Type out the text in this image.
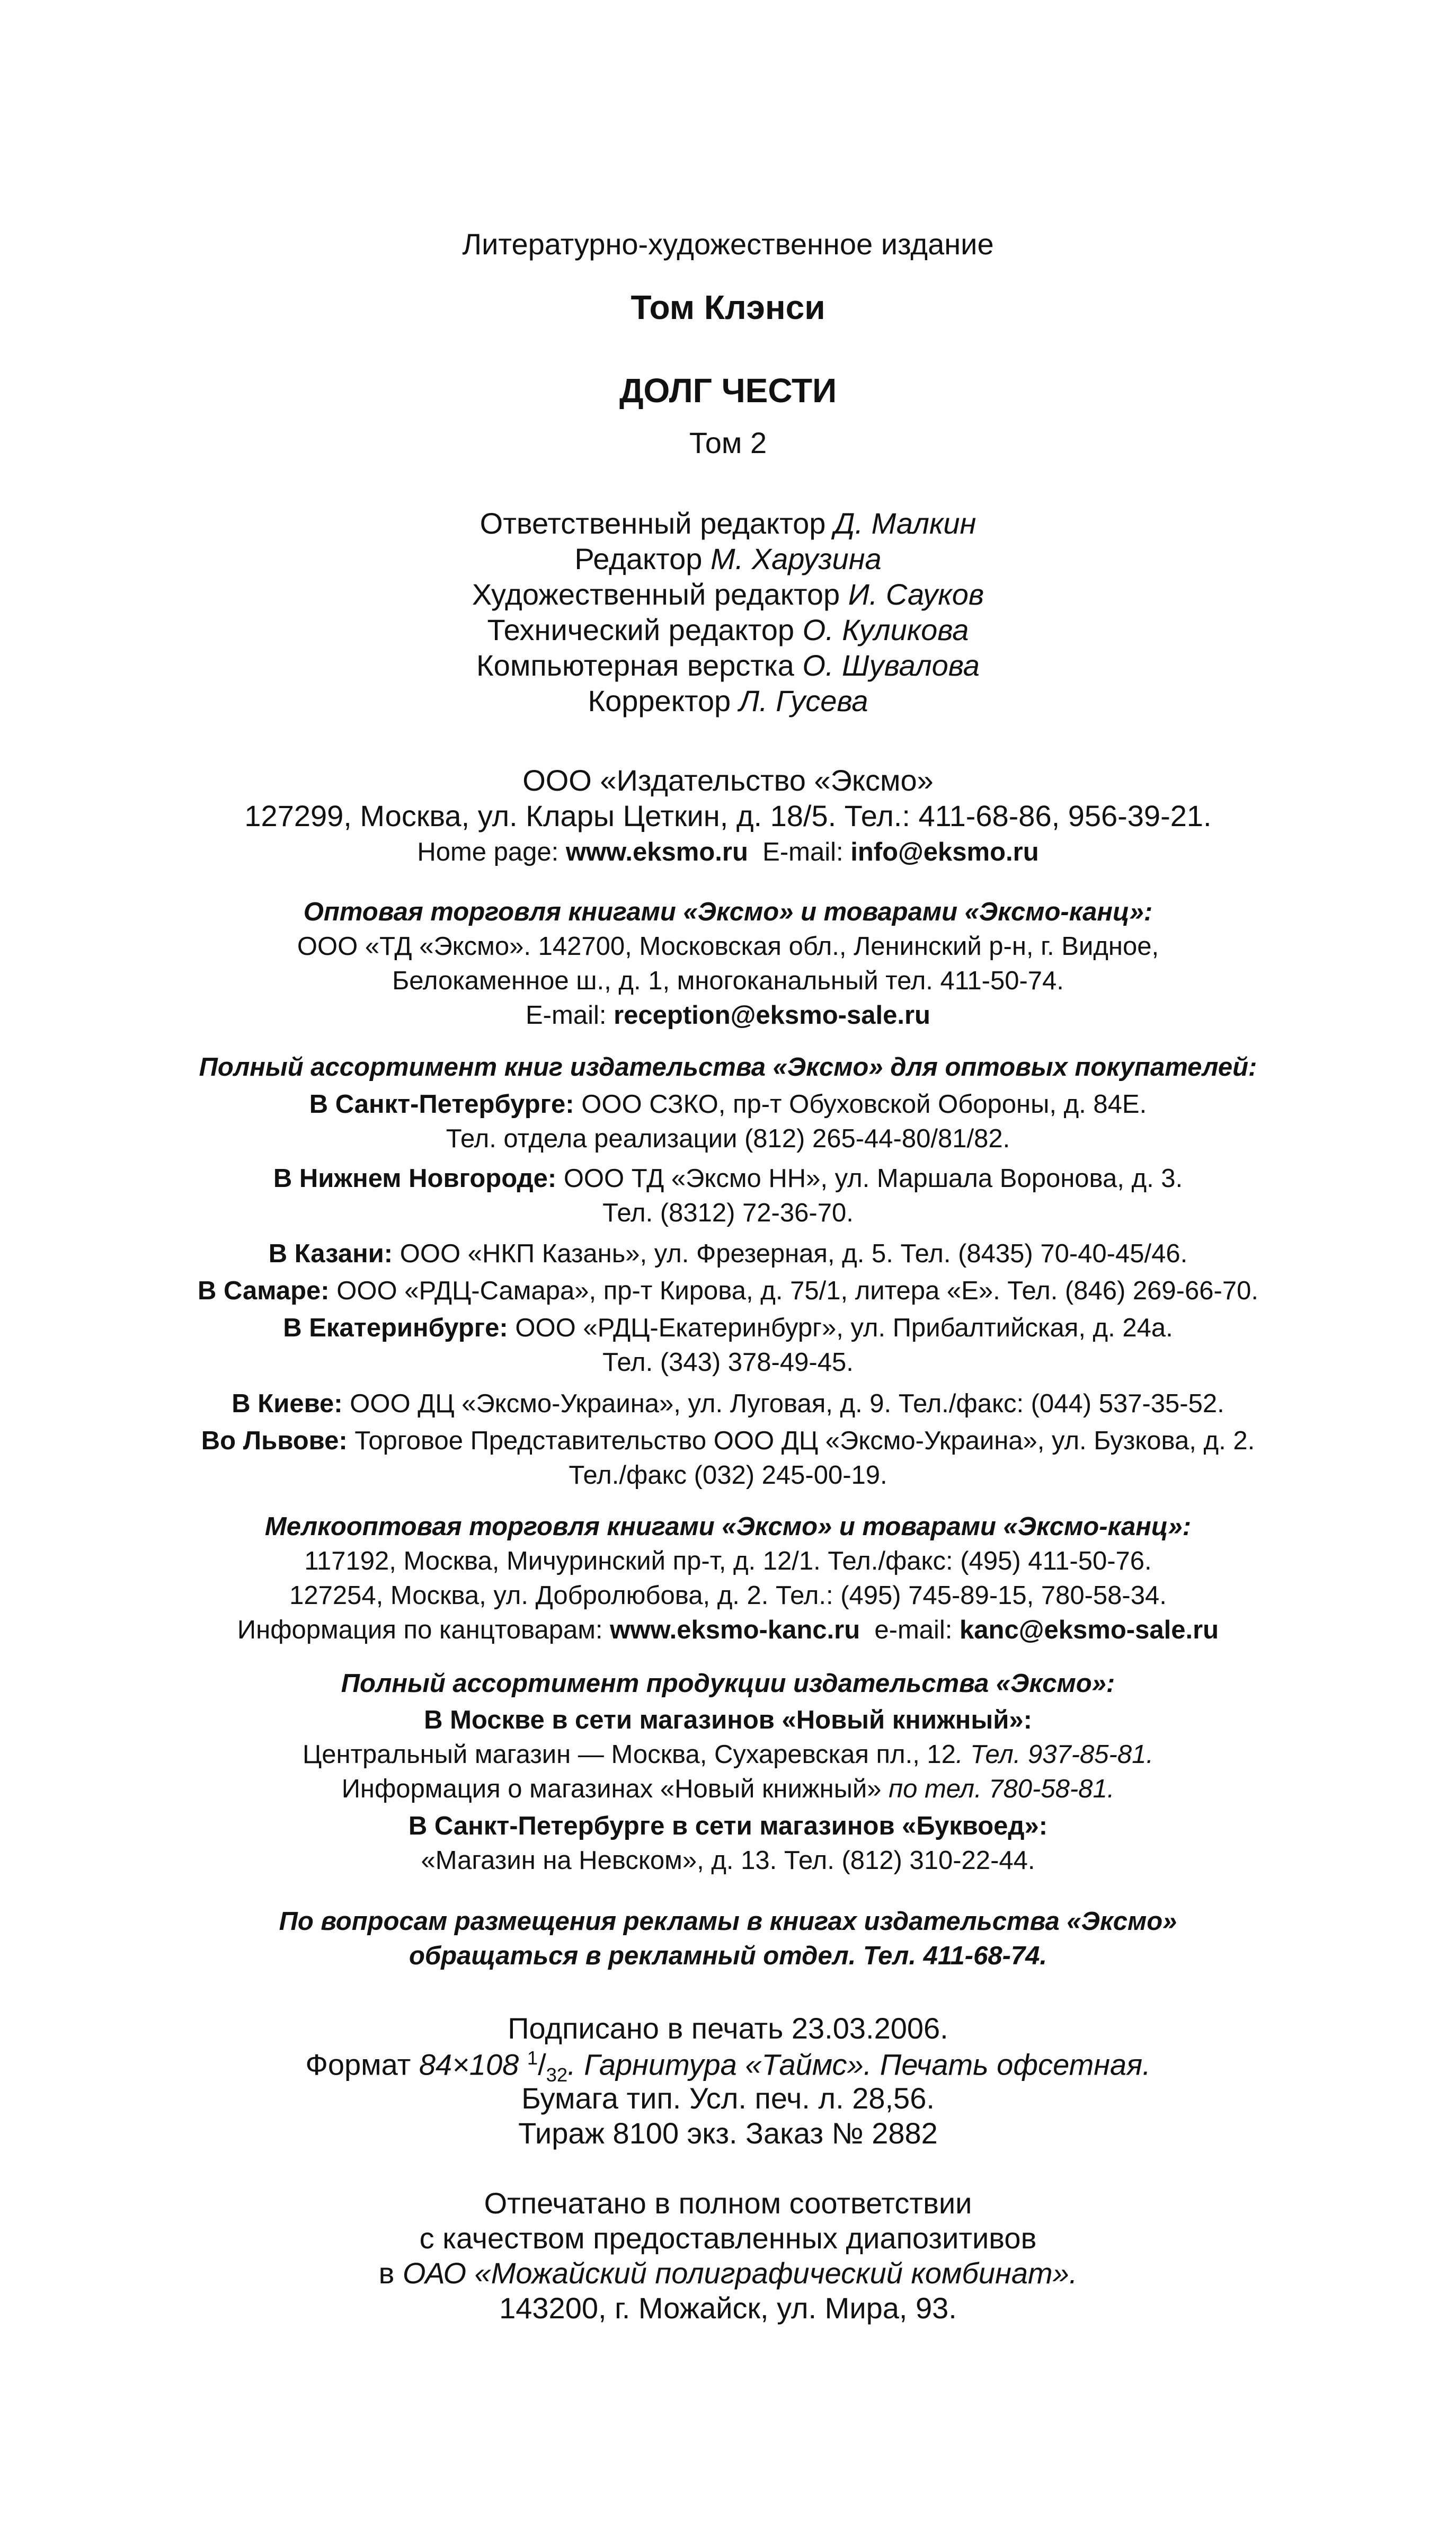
Литературно-художественное издание
Том Клэнси
ДОЛГ ЧЕСТИ
Том 2
Ответственный редактор Д. Малкин
Редактор М. Харузина
Художественный редактор И. Сауков
Технический редактор О. Куликова
Компьютерная верстка О. Шувалова
Корректор Л. Гусева
ООО «Издательство «Эксмо»
127299, Москва, ул. Клары Цеткин, д. 18/5. Тел.: 411-68-86, 956-39-21.
Home page: www.eksmo.ru E-mail: info@eksmo.ru
Оптовая торговля книгами «Эксмо» и товарами «Эксмо-канц»:
ООО «ТД «Эксмо». 142700, Московская обл., Ленинский р-н, г. Видное,
Белокаменное ш., д. 1, многоканальный тел. 411-50-74.
E-mail: reception@eksmo-sale.ru
Полный ассортимент книг издательства «Эксмо» для оптовых покупателей:
В Санкт-Петербурге: ООО СЗКО, пр-т Обуховской Обороны, д. 84Е.
Тел. отдела реализации (812) 265-44-80/81/82.
В Нижнем Новгороде: ООО ТД «Эксмо НН», ул. Маршала Воронова, д. 3.
Тел. (8312) 72-36-70.
В Казани: ООО «НКП Казань», ул. Фрезерная, д. 5. Тел. (8435) 70-40-45/46.
В Самаре: ООО «РДЦ-Самара», пр-т Кирова, д. 75/1, литера «Е». Тел. (846) 269-66-70.
В Екатеринбурге: ООО «РДЦ-Екатеринбург», ул. Прибалтийская, д. 24а.
Тел. (343) 378-49-45.
В Киеве: ООО ДЦ «Эксмо-Украина», ул. Луговая, д. 9. Тел./факс: (044) 537-35-52.
Во Львове: Торговое Представительство ООО ДЦ «Эксмо-Украина», ул. Бузкова, д. 2.
Тел./факс (032) 245-00-19.
Мелкооптовая торговля книгами «Эксмо» и товарами «Эксмо-канц»:
117192, Москва, Мичуринский пр-т, д. 12/1. Тел./факс: (495) 411-50-76.
127254, Москва, ул. Добролюбова, д. 2. Тел.: (495) 745-89-15, 780-58-34.
Информация по канцтоварам: www.eksmo-kanc.ru e-mail: kanc@eksmo-sale.ru
Полный ассортимент продукции издательства «Эксмо»:
В Москве в сети магазинов «Новый книжный»:
Центральный магазин — Москва, Сухаревская пл., 12. Тел. 937-85-81.
Информация о магазинах «Новый книжный» по тел. 780-58-81.
В Санкт-Петербурге в сети магазинов «Буквоед»:
«Магазин на Невском», д. 13. Тел. (812) 310-22-44.
По вопросам размещения рекламы в книгах издательства «Эксмо»
обращаться в рекламный отдел. Тел. 411-68-74.
Подписано в печать 23.03.2006.
Формат 84×108 $^1/_{32}$. Гарнитура «Таймс». Печать офсетная.
Бумага тип. Усл. печ. л. 28,56.
Тираж 8100 экз. Заказ № 2882
Отпечатано в полном соответствии
с качеством предоставленных диапозитивов
в ОАО «Можайский полиграфический комбинат».
143200, г. Можайск, ул. Мира, 93.
